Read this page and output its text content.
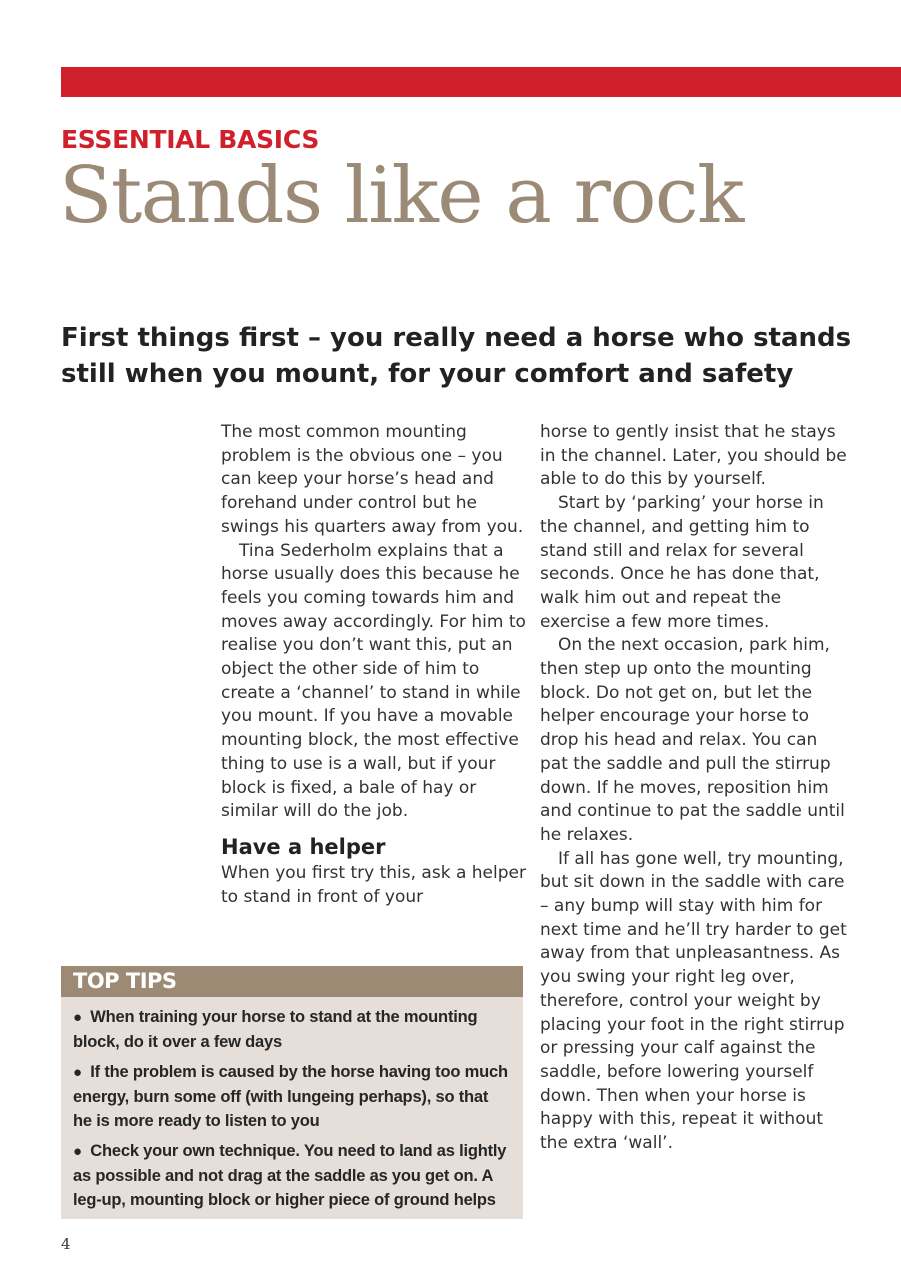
ESSENTIAL BASICS
Stands like a rock
First things first – you really need a horse who stands still when you mount, for your comfort and safety

The most common mounting problem is the obvious one – you can keep your horse’s head and forehand under control but he swings his quarters away from you.

Tina Sederholm explains that a horse usually does this because he feels you coming towards him and moves away accordingly. For him to realise you don’t want this, put an object the other side of him to create a ‘channel’ to stand in while you mount. If you have a movable mounting block, the most effective thing to use is a wall, but if your block is fixed, a bale of hay or similar will do the job.

Have a helper

When you first try this, ask a helper to stand in front of your

horse to gently insist that he stays in the channel. Later, you should be able to do this by yourself.

Start by ‘parking’ your horse in the channel, and getting him to stand still and relax for several seconds. Once he has done that, walk him out and repeat the exercise a few more times.

On the next occasion, park him, then step up onto the mounting block. Do not get on, but let the helper encourage your horse to drop his head and relax. You can pat the saddle and pull the stirrup down. If he moves, reposition him and continue to pat the saddle until he relaxes.

If all has gone well, try mounting, but sit down in the saddle with care – any bump will stay with him for next time and he’ll try harder to get away from that unpleasantness. As you swing your right leg over, therefore, control your weight by placing your foot in the right stirrup or pressing your calf against the saddle, before lowering yourself down. Then when your horse is happy with this, repeat it without the extra ‘wall’.

TOP TIPS
● When training your horse to stand at the mounting block, do it over a few days
● If the problem is caused by the horse having too much energy, burn some off (with lungeing perhaps), so that he is more ready to listen to you
● Check your own technique. You need to land as lightly as possible and not drag at the saddle as you get on. A leg-up, mounting block or higher piece of ground helps
4
